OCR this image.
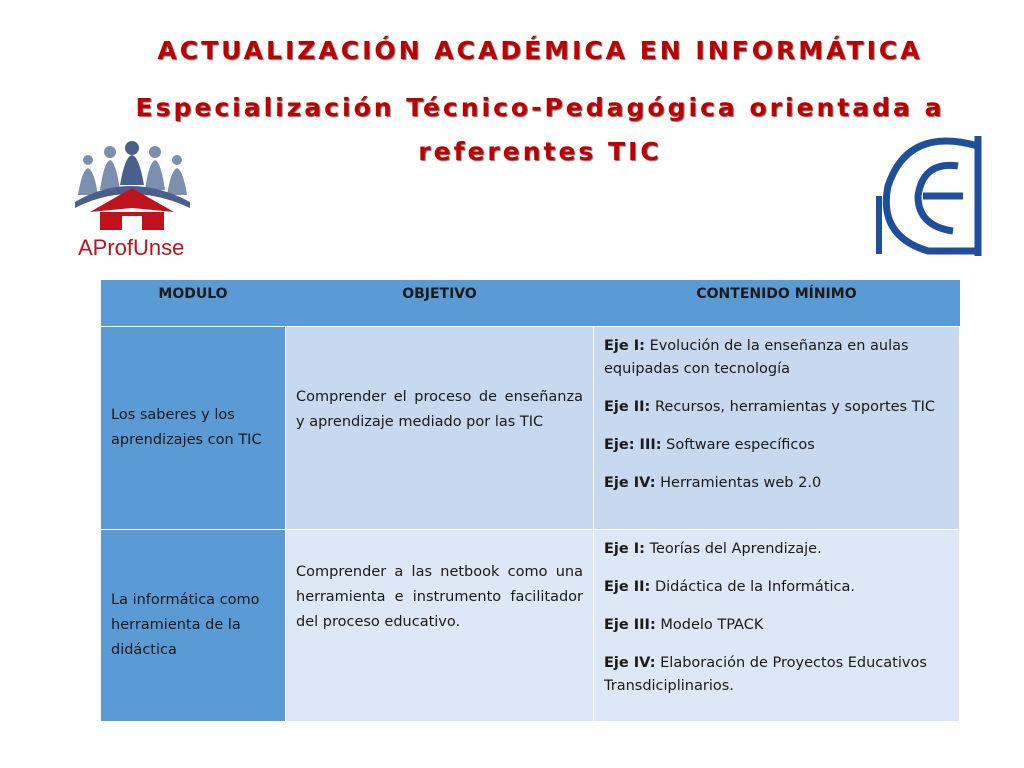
ACTUALIZACIÓN ACADÉMICA EN INFORMÁTICA
Especialización Técnico-Pedagógica orientada a referentes TIC
AProfUnse
MODULO	OBJETIVO	CONTENIDO MÍNIMO

Los saberes y los aprendizajes con TIC	Comprender el proceso de enseñanza y aprendizaje mediado por las TIC	Eje I: Evolución de la enseñanza en aulas equipadas con tecnología

Eje II: Recursos, herramientas y soportes TIC

Eje: III: Software específicos

Eje IV: Herramientas web 2.0

La informática como herramienta de la didáctica	Comprender a las netbook como una herramienta e instrumento facilitador del proceso educativo.	Eje I: Teorías del Aprendizaje.

Eje II: Didáctica de la Informática.

Eje III: Modelo TPACK

Eje IV: Elaboración de Proyectos Educativos Transdiciplinarios.
